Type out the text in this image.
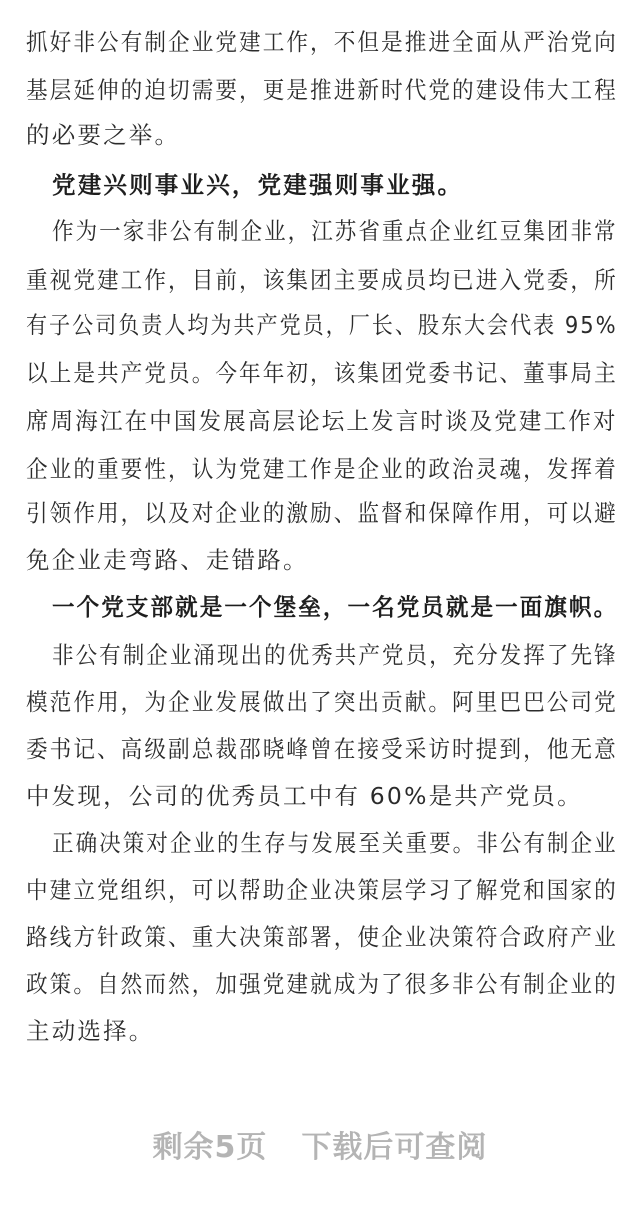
抓好非公有制企业党建工作，不但是推进全面从严治党向
基层延伸的迫切需要，更是推进新时代党的建设伟大工程
的必要之举。
党建兴则事业兴，党建强则事业强。
作为一家非公有制企业，江苏省重点企业红豆集团非常
重视党建工作，目前，该集团主要成员均已进入党委，所
有子公司负责人均为共产党员，厂长、股东大会代表 95%
以上是共产党员。今年年初，该集团党委书记、董事局主
席周海江在中国发展高层论坛上发言时谈及党建工作对
企业的重要性，认为党建工作是企业的政治灵魂，发挥着
引领作用，以及对企业的激励、监督和保障作用，可以避
免企业走弯路、走错路。
一个党支部就是一个堡垒，一名党员就是一面旗帜。
非公有制企业涌现出的优秀共产党员，充分发挥了先锋
模范作用，为企业发展做出了突出贡献。阿里巴巴公司党
委书记、高级副总裁邵晓峰曾在接受采访时提到，他无意
中发现，公司的优秀员工中有 60%是共产党员。
正确决策对企业的生存与发展至关重要。非公有制企业
中建立党组织，可以帮助企业决策层学习了解党和国家的
路线方针政策、重大决策部署，使企业决策符合政府产业
政策。自然而然，加强党建就成为了很多非公有制企业的
主动选择。
剩余5页 下载后可查阅
